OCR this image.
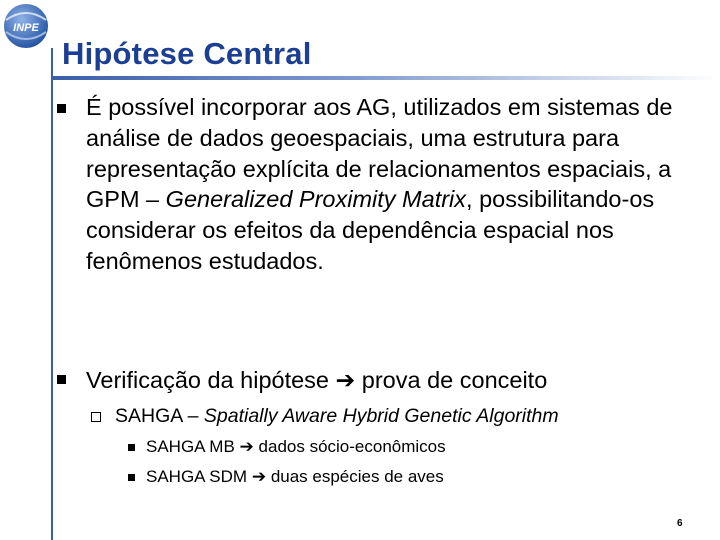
INPE
Hipótese Central
É possível incorporar aos AG, utilizados em sistemas de análise de dados geoespaciais, uma estrutura para representação explícita de relacionamentos espaciais, a GPM – Generalized Proximity Matrix, possibilitando-os considerar os efeitos da dependência espacial nos fenômenos estudados.
Verificação da hipótese ➔ prova de conceito
SAHGA – Spatially Aware Hybrid Genetic Algorithm
SAHGA MB ➔ dados sócio-econômicos
SAHGA SDM ➔ duas espécies de aves
6
